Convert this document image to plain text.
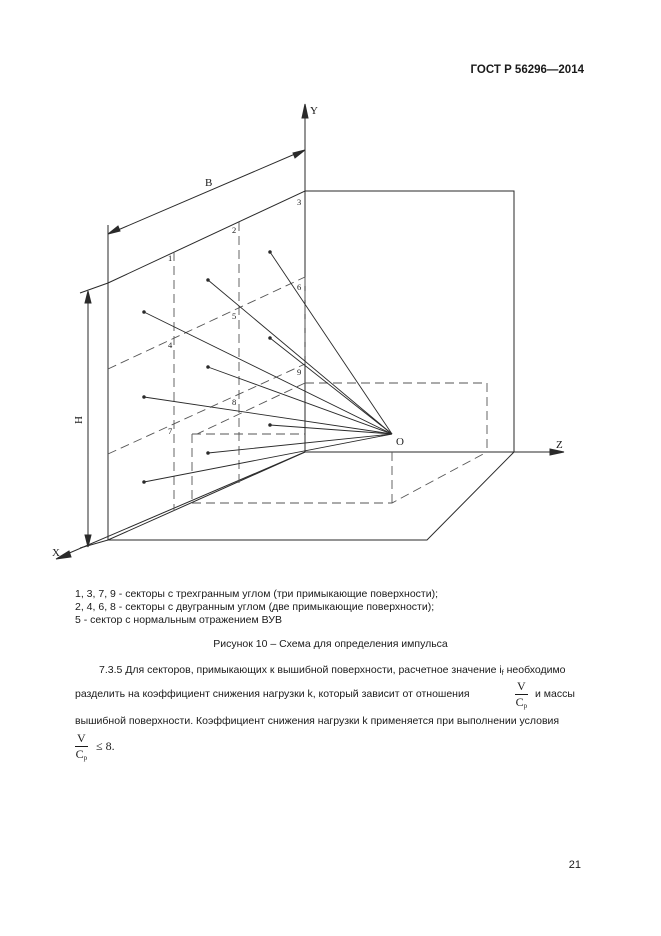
ГОСТ Р 56296—2014
Y
X
Z
O
B
H
1
2
3
4
5
6
7
8
9
1, 3, 7, 9 - секторы с трехгранным углом (три примыкающие поверхности);
2, 4, 6, 8 - секторы с двугранным углом (две примыкающие поверхности);
5 - сектор с нормальным отражением ВУВ
Рисунок 10 – Схема для определения импульса
7.3.5 Для секторов, примыкающих к вышибной поверхности, расчетное значение $i_f$ необходимо
разделить на коэффициент снижения нагрузки k, который зависит от отношения
V
$C_р$
и массы
вышибной поверхности. Коэффициент снижения нагрузки k применяется при выполнении условия
V
$C_р$
≤ 8.
21
